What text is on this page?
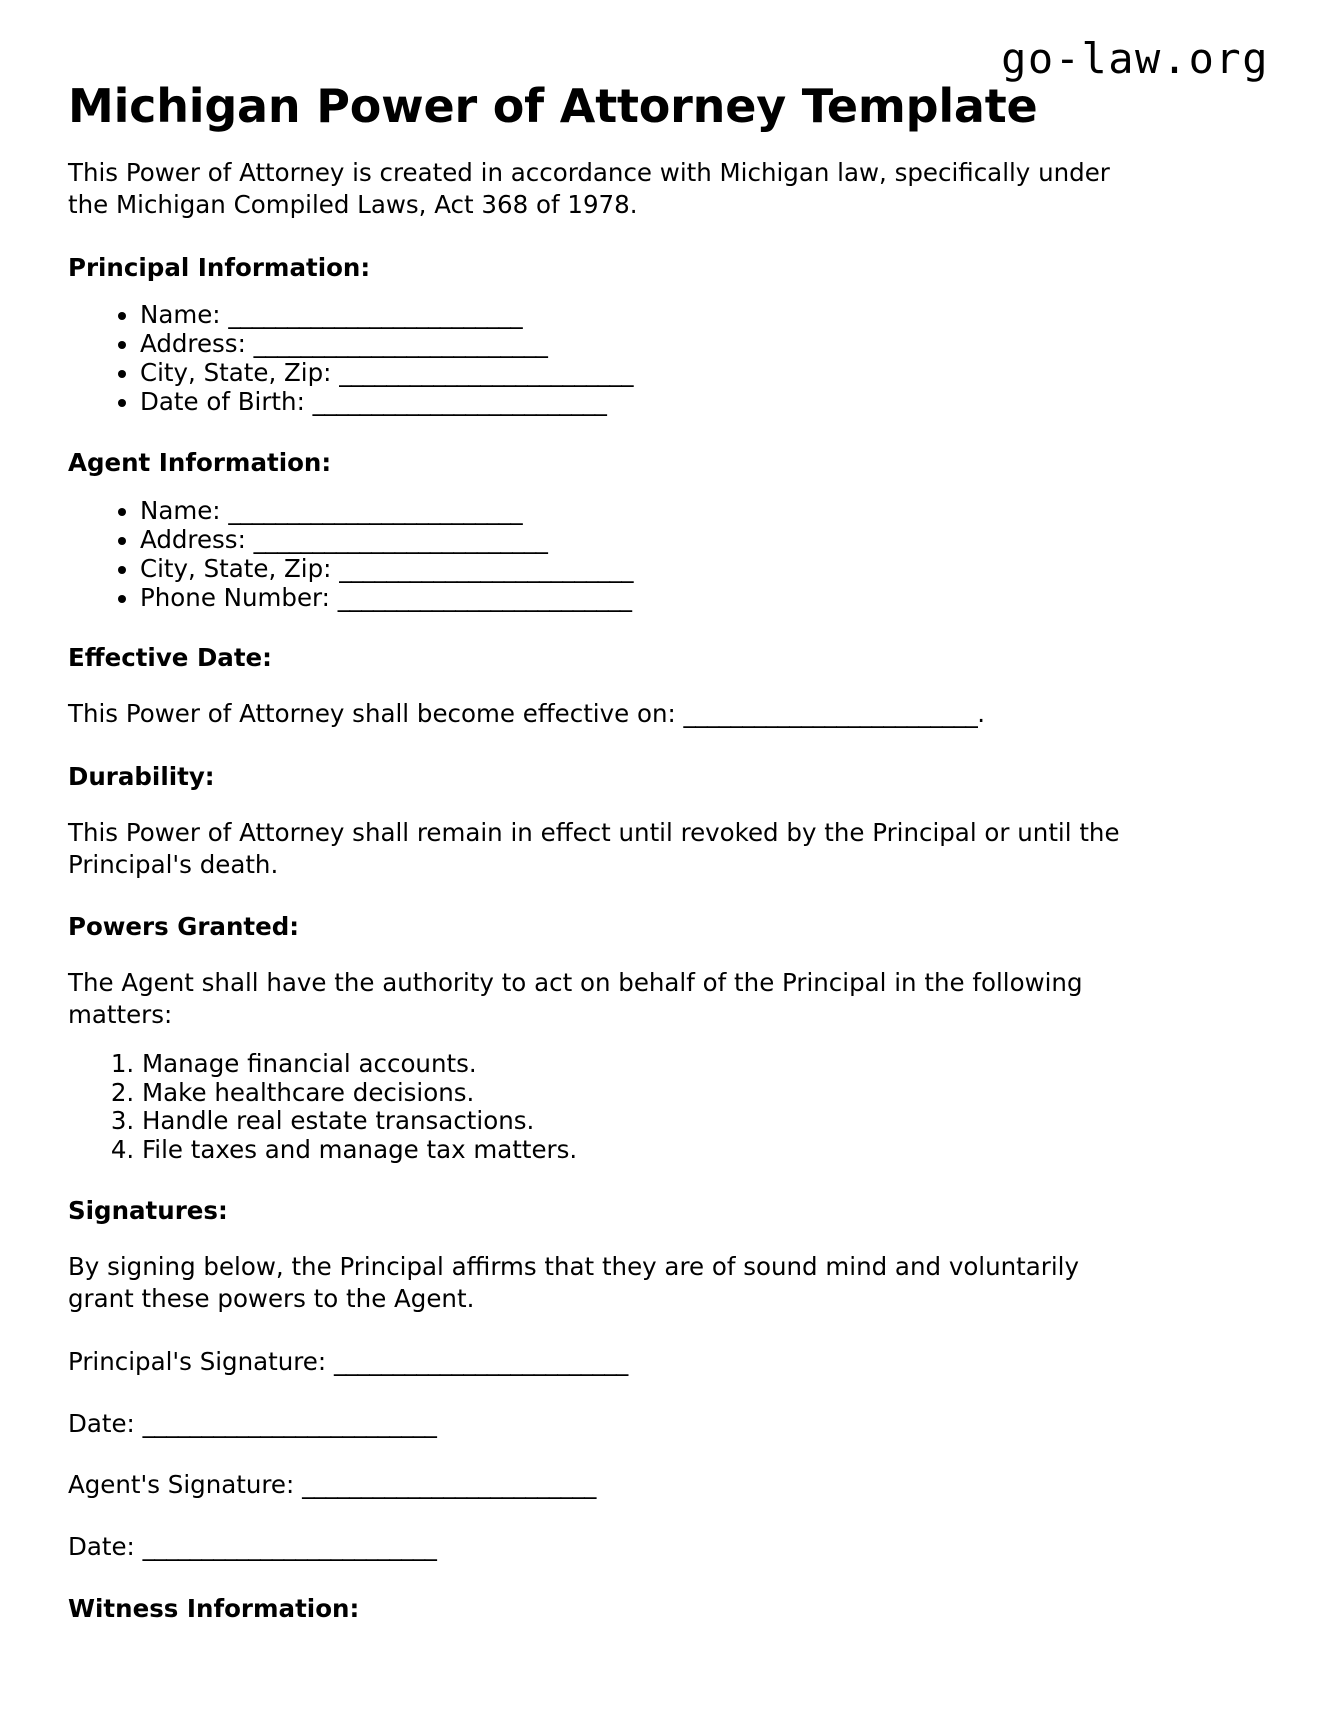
go-law.org
Michigan Power of Attorney Template

This Power of Attorney is created in accordance with Michigan law, specifically under the Michigan Compiled Laws, Act 368 of 1978.

Principal Information:
• Name: _________________________
• Address: _________________________
• City, State, Zip: _________________________
• Date of Birth: _________________________
Agent Information:
• Name: _________________________
• Address: _________________________
• City, State, Zip: _________________________
• Phone Number: _________________________
Effective Date:

This Power of Attorney shall become effective on: _________________________.

Durability:

This Power of Attorney shall remain in effect until revoked by the Principal or until the Principal's death.

Powers Granted:

The Agent shall have the authority to act on behalf of the Principal in the following matters:

1. Manage financial accounts.
2. Make healthcare decisions.
3. Handle real estate transactions.
4. File taxes and manage tax matters.
Signatures:

By signing below, the Principal affirms that they are of sound mind and voluntarily grant these powers to the Agent.

Principal's Signature: _________________________
Date: _________________________
Agent's Signature: _________________________
Date: _________________________
Witness Information:
